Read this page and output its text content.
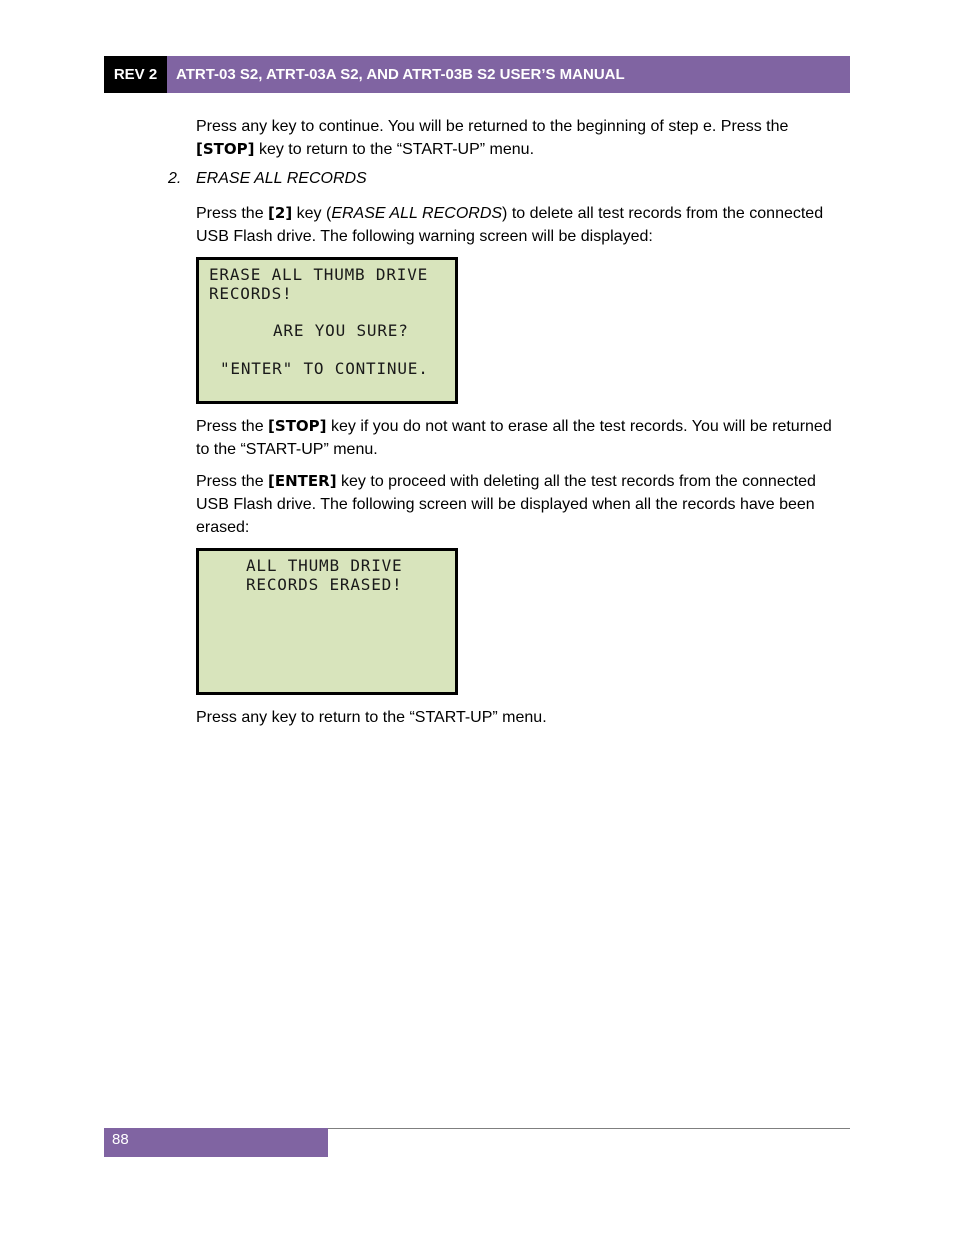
REV 2	ATRT-03 S2, ATRT-03A S2, AND ATRT-03B S2 USER’S MANUAL

Press any key to continue. You will be returned to the beginning of step e. Press the [STOP] key to return to the “START-UP” menu.

2. ERASE ALL RECORDS

Press the [2] key (ERASE ALL RECORDS) to delete all test records from the connected USB Flash drive. The following warning screen will be displayed:

ERASE ALL THUMB DRIVE
RECORDS!
ARE YOU SURE?
"ENTER" TO CONTINUE.

Press the [STOP] key if you do not want to erase all the test records. You will be returned to the “START-UP” menu.

Press the [ENTER] key to proceed with deleting all the test records from the connected USB Flash drive. The following screen will be displayed when all the records have been erased:

ALL THUMB DRIVE
RECORDS ERASED!

Press any key to return to the “START-UP” menu.

88
